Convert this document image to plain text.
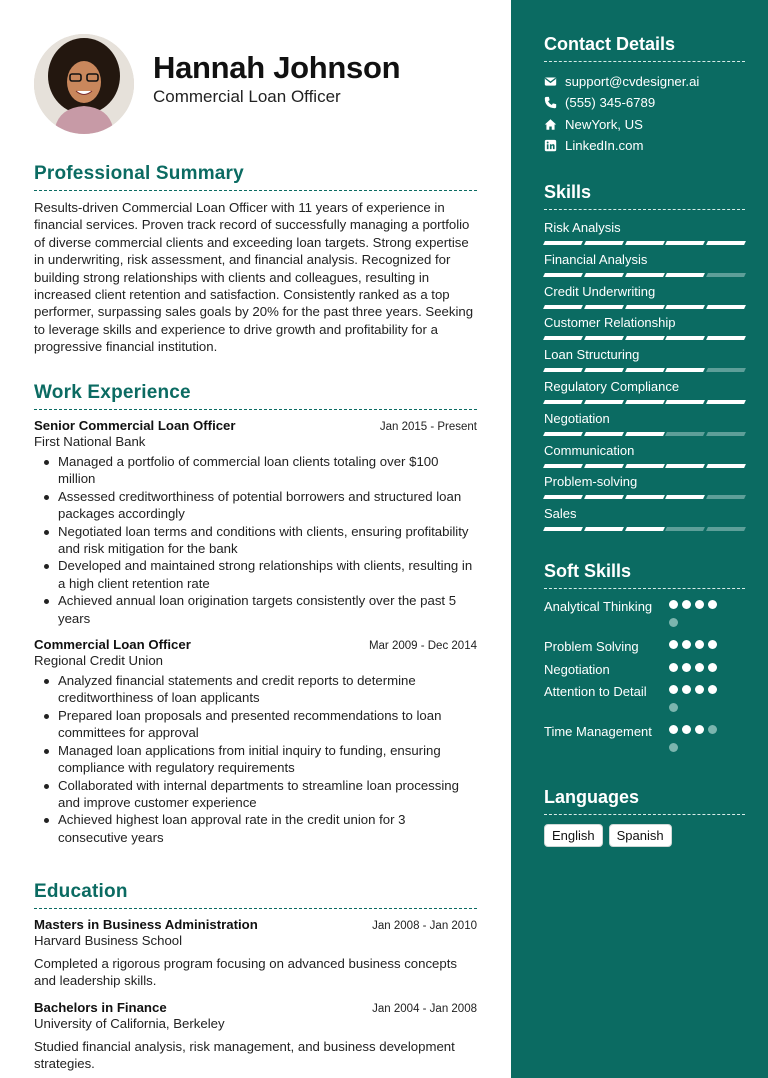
Hannah Johnson
Commercial Loan Officer
Professional Summary
Results-driven Commercial Loan Officer with 11 years of experience in financial services. Proven track record of successfully managing a portfolio of diverse commercial clients and exceeding loan targets. Strong expertise in underwriting, risk assessment, and financial analysis. Recognized for building strong relationships with clients and colleagues, resulting in increased client retention and satisfaction. Consistently ranked as a top performer, surpassing sales goals by 20% for the past three years. Seeking to leverage skills and experience to drive growth and profitability for a progressive financial institution.
Work Experience
Senior Commercial Loan Officer	Jan 2015 - Present
First National Bank
Managed a portfolio of commercial loan clients totaling over $100 million
Assessed creditworthiness of potential borrowers and structured loan packages accordingly
Negotiated loan terms and conditions with clients, ensuring profitability and risk mitigation for the bank
Developed and maintained strong relationships with clients, resulting in a high client retention rate
Achieved annual loan origination targets consistently over the past 5 years
Commercial Loan Officer	Mar 2009 - Dec 2014
Regional Credit Union
Analyzed financial statements and credit reports to determine creditworthiness of loan applicants
Prepared loan proposals and presented recommendations to loan committees for approval
Managed loan applications from initial inquiry to funding, ensuring compliance with regulatory requirements
Collaborated with internal departments to streamline loan processing and improve customer experience
Achieved highest loan approval rate in the credit union for 3 consecutive years
Education
Masters in Business Administration	Jan 2008 - Jan 2010
Harvard Business School
Completed a rigorous program focusing on advanced business concepts and leadership skills.
Bachelors in Finance	Jan 2004 - Jan 2008
University of California, Berkeley
Studied financial analysis, risk management, and business development strategies.
Contact Details
support@cvdesigner.ai
(555) 345-6789
NewYork, US
LinkedIn.com
Skills
Risk Analysis
Financial Analysis
Credit Underwriting
Customer Relationship
Loan Structuring
Regulatory Compliance
Negotiation
Communication
Problem-solving
Sales
Soft Skills
Analytical Thinking
Problem Solving
Negotiation
Attention to Detail
Time Management
Languages
English	Spanish
